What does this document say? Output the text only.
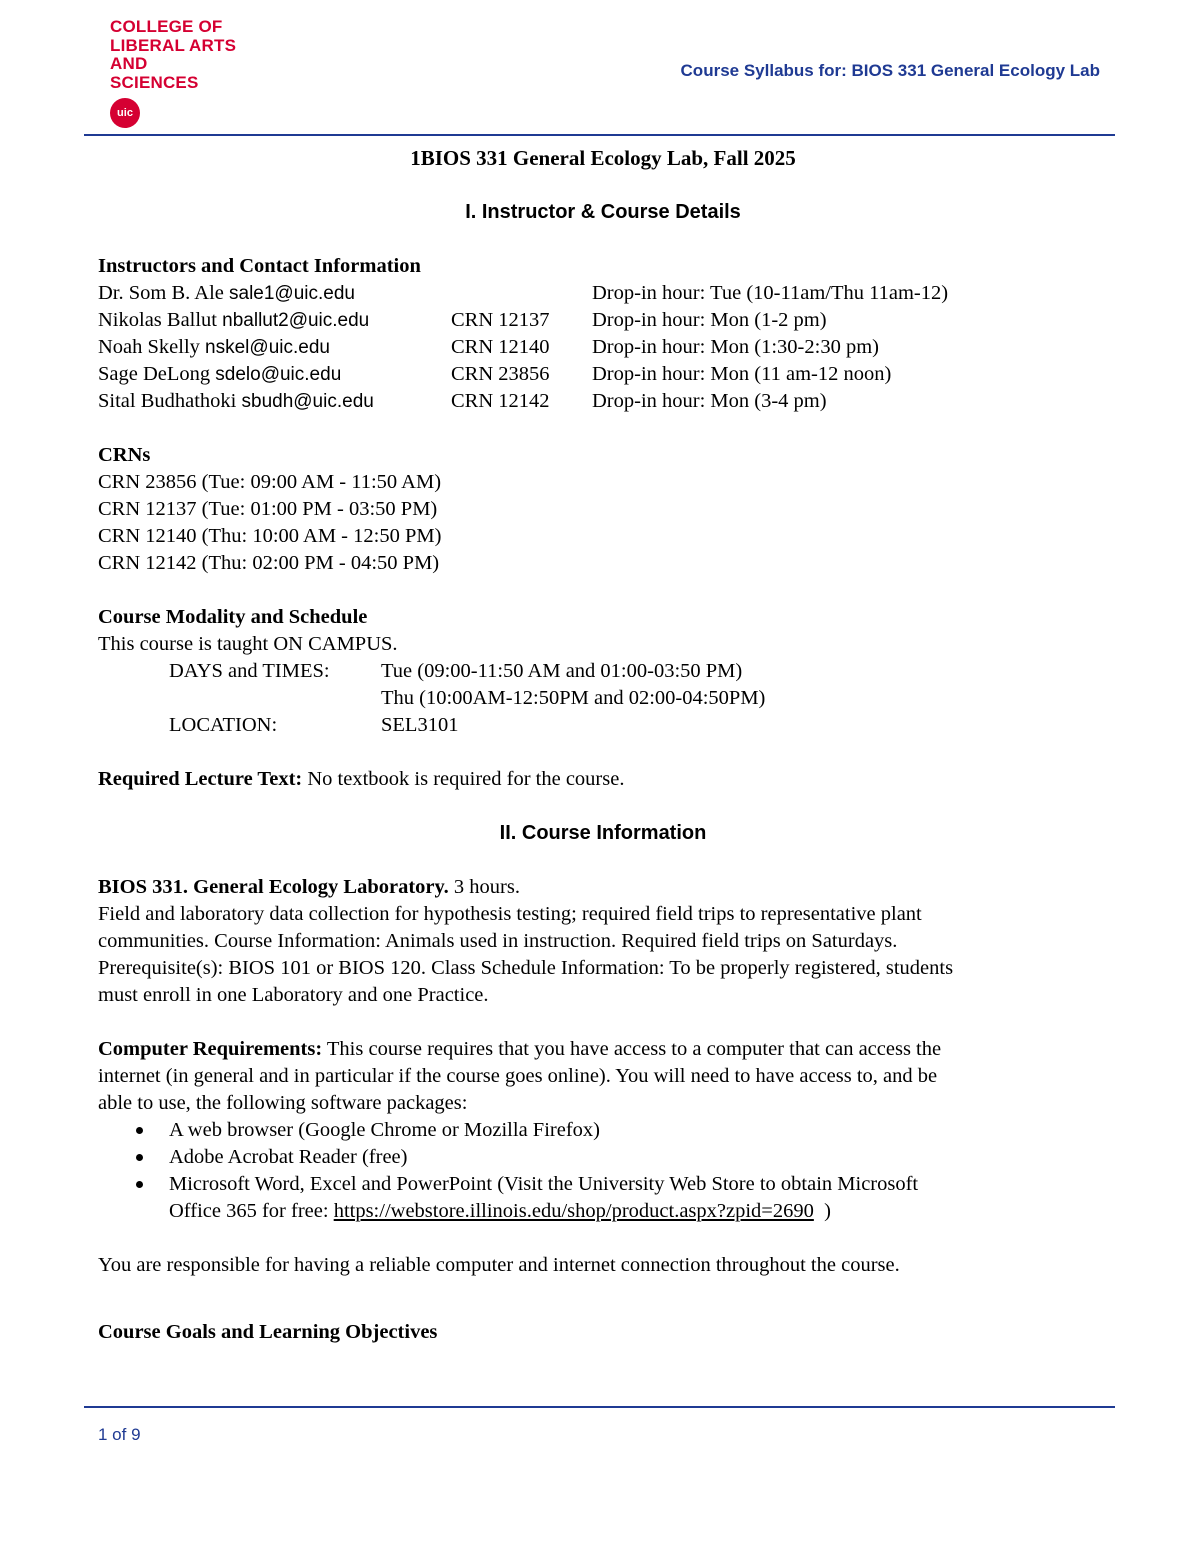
COLLEGE OF
LIBERAL ARTS
AND
SCIENCES
uic
Course Syllabus for: BIOS 331 General Ecology Lab
1BIOS 331 General Ecology Lab, Fall 2025
I. Instructor & Course Details
Instructors and Contact Information
Dr. Som B. Ale sale1@uic.edu	Drop-in hour: Tue (10-11am/Thu 11am-12)
Nikolas Ballut nballut2@uic.edu	CRN 12137 Drop-in hour: Mon (1-2 pm)
Noah Skelly nskel@uic.edu	CRN 12140 Drop-in hour: Mon (1:30-2:30 pm)
Sage DeLong sdelo@uic.edu	CRN 23856 Drop-in hour: Mon (11 am-12 noon)
Sital Budhathoki sbudh@uic.edu	CRN 12142 Drop-in hour: Mon (3-4 pm)
CRNs
CRN 23856 (Tue: 09:00 AM - 11:50 AM)
CRN 12137 (Tue: 01:00 PM - 03:50 PM)
CRN 12140 (Thu: 10:00 AM - 12:50 PM)
CRN 12142 (Thu: 02:00 PM - 04:50 PM)
Course Modality and Schedule
This course is taught ON CAMPUS.
DAYS and TIMES:	Tue (09:00-11:50 AM and 01:00-03:50 PM)
Thu (10:00AM-12:50PM and 02:00-04:50PM)
LOCATION:	SEL3101
Required Lecture Text: No textbook is required for the course.
II. Course Information
BIOS 331. General Ecology Laboratory. 3 hours.
Field and laboratory data collection for hypothesis testing; required field trips to representative plant
communities. Course Information: Animals used in instruction. Required field trips on Saturdays.
Prerequisite(s): BIOS 101 or BIOS 120. Class Schedule Information: To be properly registered, students
must enroll in one Laboratory and one Practice.
Computer Requirements: This course requires that you have access to a computer that can access the
internet (in general and in particular if the course goes online). You will need to have access to, and be
able to use, the following software packages:
A web browser (Google Chrome or Mozilla Firefox)
Adobe Acrobat Reader (free)
Microsoft Word, Excel and PowerPoint (Visit the University Web Store to obtain Microsoft
Office 365 for free: https://webstore.illinois.edu/shop/product.aspx?zpid=2690  )
You are responsible for having a reliable computer and internet connection throughout the course.
Course Goals and Learning Objectives
1 of 9
